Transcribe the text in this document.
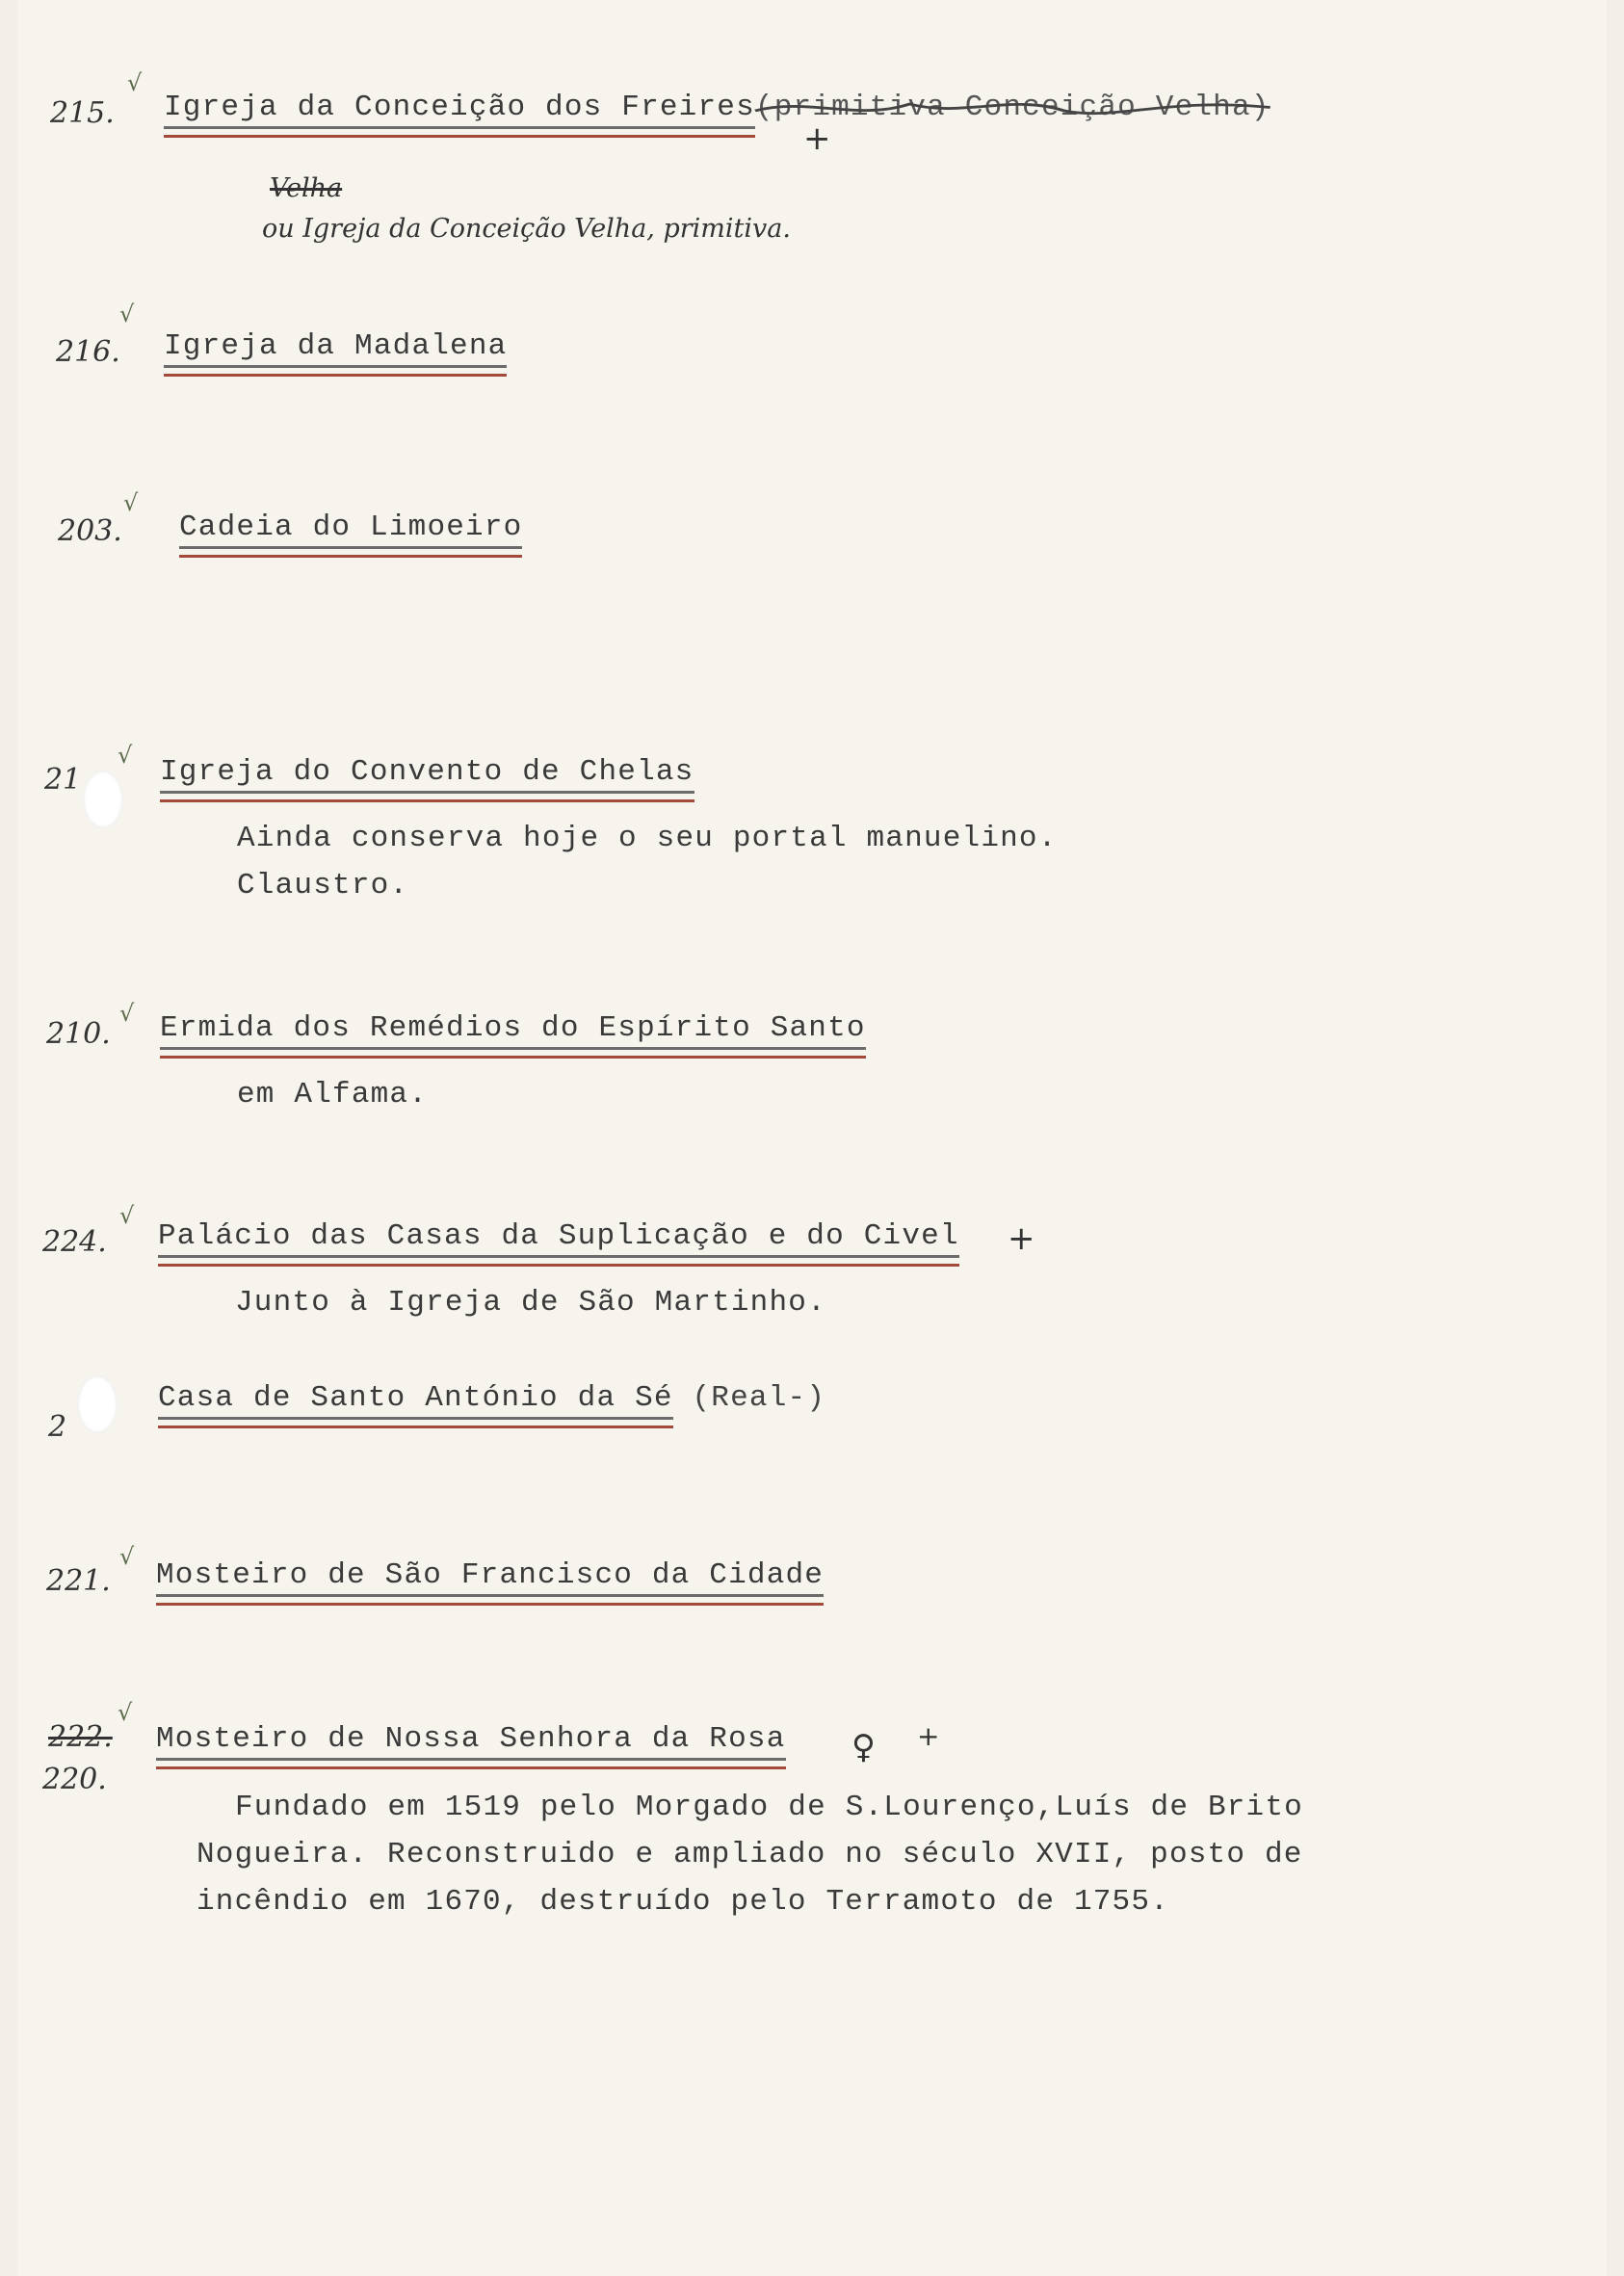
215.
√
Igreja da Conceição dos Freires(primitiva Conceição Velha)
+
Velha
ou Igreja da Conceição Velha, primitiva.
216.
√
Igreja da Madalena
203.
√
Cadeia do Limoeiro
21
√ Igreja do Convento de Chelas
Ainda conserva hoje o seu portal manuelino.
Claustro.
210.
√ Ermida dos Remédios do Espírito Santo
em Alfama.
224.
√
Palácio das Casas da Suplicação e do Civel +
Junto à Igreja de São Martinho.
2
Casa de Santo António da Sé (Real-)
221.
√
Mosteiro de São Francisco da Cidade
222.
220.
√
Mosteiro de Nossa Senhora da Rosa ♀ +
Fundado em 1519 pelo Morgado de S.Lourenço,Luís de Brito
Nogueira. Reconstruido e ampliado no século XVII, posto de
incêndio em 1670, destruído pelo Terramoto de 1755.
